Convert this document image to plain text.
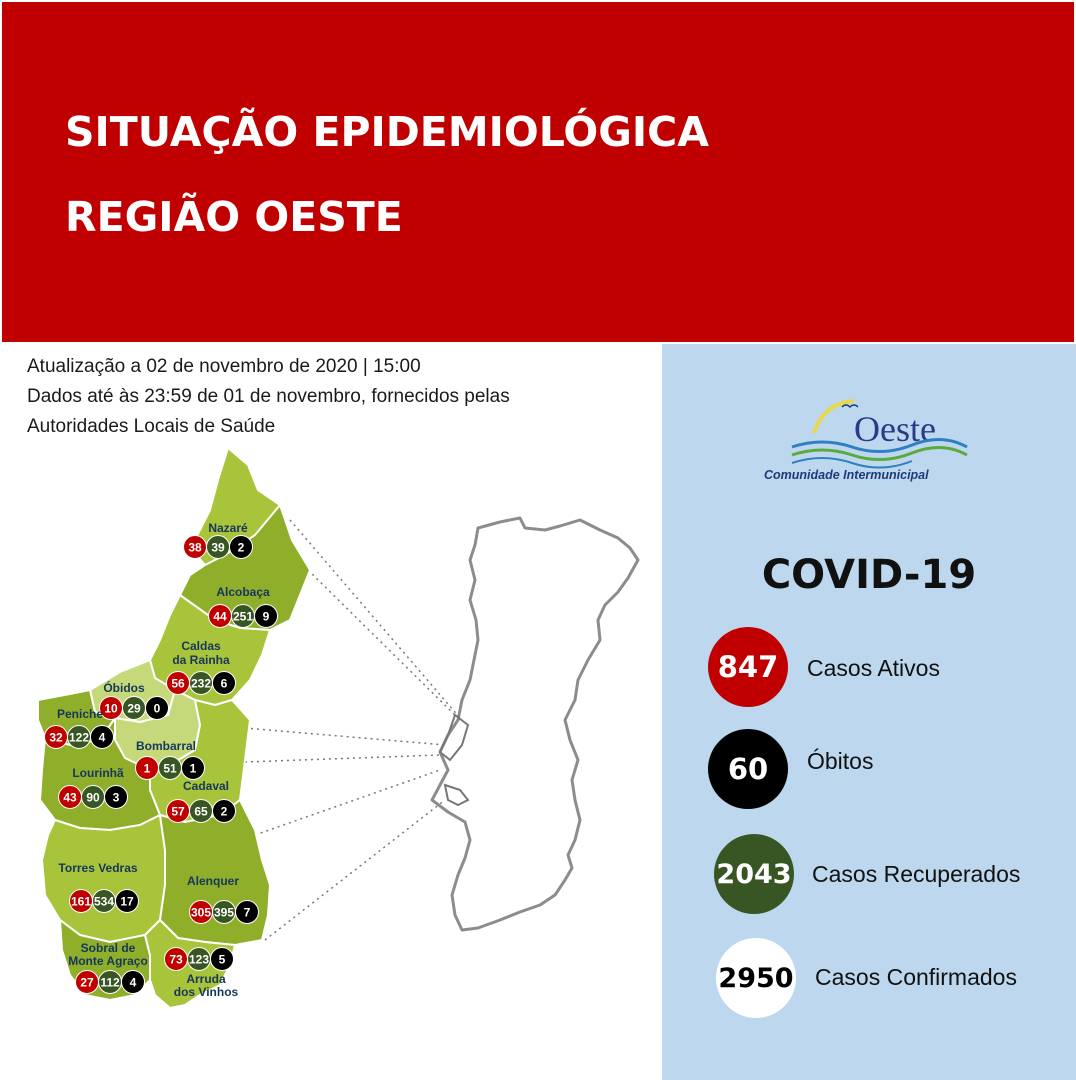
SITUAÇÃO EPIDEMIOLÓGICA
REGIÃO OESTE
Atualização a 02 de novembro de 2020 | 15:00
Dados até às 23:59 de 01 de novembro, fornecidos pelas
Autoridades Locais de Saúde	Oeste
Comunidade Intermunicipal
COVID-19
847	Casos Ativos
60	Óbitos
2043 Casos Recuperados
2950 Casos Confirmados
Nazaré
38 39 2
Alcobaça
44 251 9
Caldas
da Rainha
56 232 6
Óbidos
10 29 0
Peniche
32 122 4
Bombarral
1 51 1
Lourinhã
43 90 3
Cadaval
57 65 2
Torres Vedras
161 534 17
Alenquer
305 395 7
Sobral de
Monte Agraço
27 112 4	Arruda
dos Vinhos
73 123 5
